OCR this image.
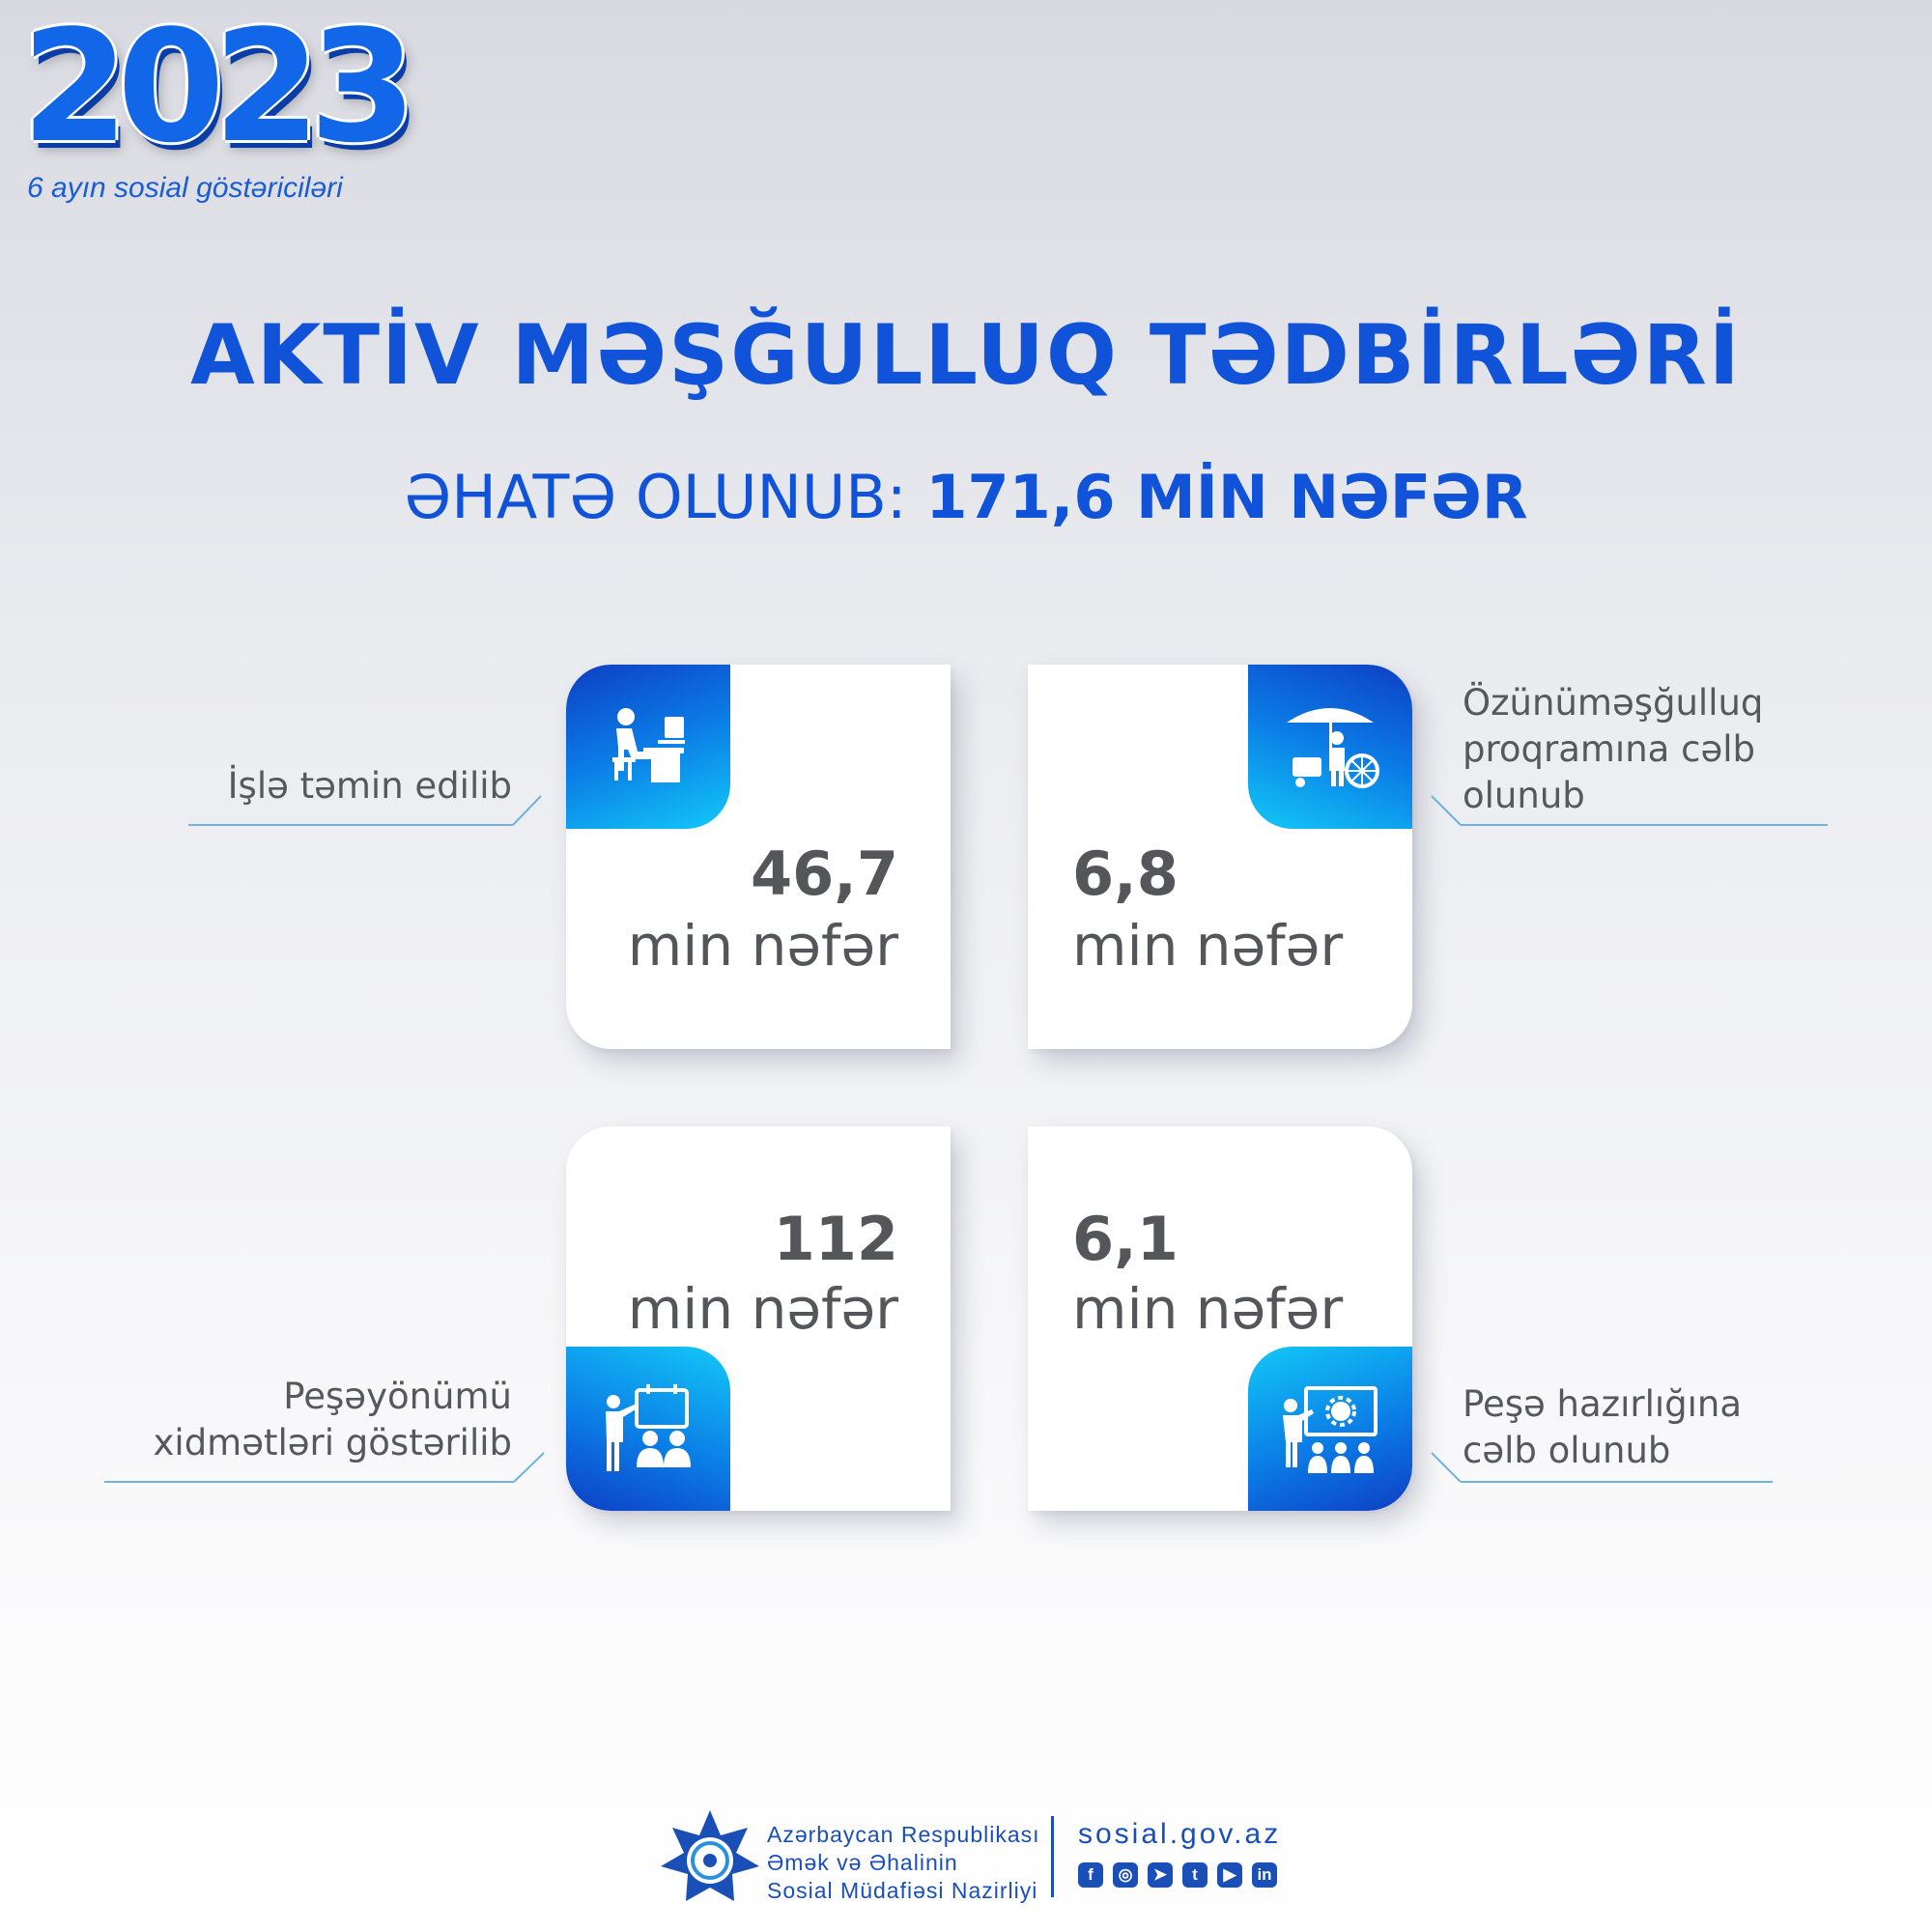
2023
6 ayın sosial göstəriciləri
AKTİV MƏŞĞULLUQ TƏDBİRLƏRİ
ƏHATƏ OLUNUB: 171,6 MİN NƏFƏR
46,7
min nəfər
6,8
min nəfər
112
min nəfər
6,1
min nəfər
İşlə təmin edilib
Özünüməşğulluq
proqramına cəlb
olunub
Peşəyönümü
xidmətləri göstərilib
Peşə hazırlığına
cəlb olunub
Azərbaycan Respublikası
Əmək və Əhalinin
Sosial Müdafiəsi Nazirliyi
sosial.gov.az
f	◎	➤	t	▶	in
